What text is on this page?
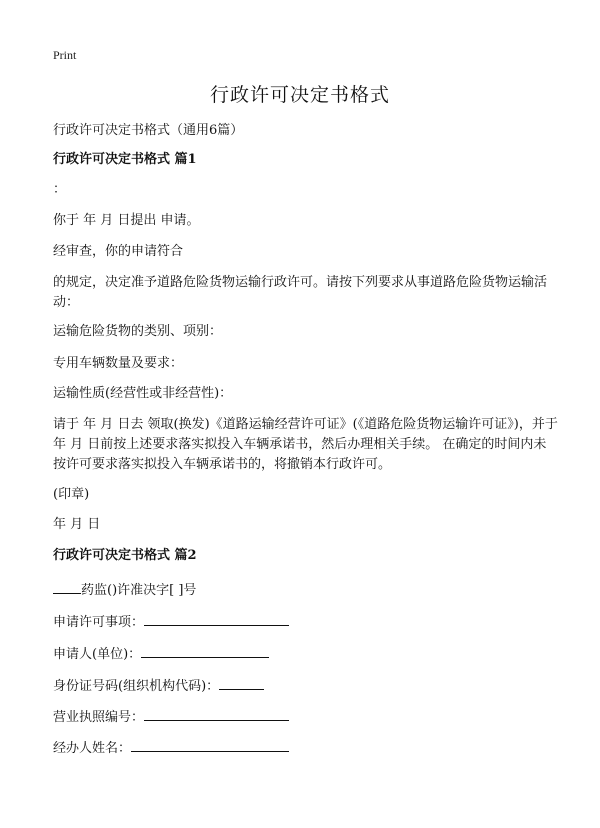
Print
行政许可决定书格式
行政许可决定书格式（通用6篇）
行政许可决定书格式 篇1
：
你于 年 月 日提出 申请。
经审查，你的申请符合
的规定，决定准予道路危险货物运输行政许可。请按下列要求从事道路危险货物运输活动：
运输危险货物的类别、项别：
专用车辆数量及要求：
运输性质(经营性或非经营性)：
请于 年 月 日去 领取(换发)《道路运输经营许可证》(《道路危险货物运输许可证》)，并于 年 月 日前按上述要求落实拟投入车辆承诺书，然后办理相关手续。 在确定的时间内未按许可要求落实拟投入车辆承诺书的，将撤销本行政许可。
(印章)
年 月 日
行政许可决定书格式 篇2
药监()许准决字[ ]号
申请许可事项：
申请人(单位)：
身份证号码(组织机构代码)：
营业执照编号：
经办人姓名：
